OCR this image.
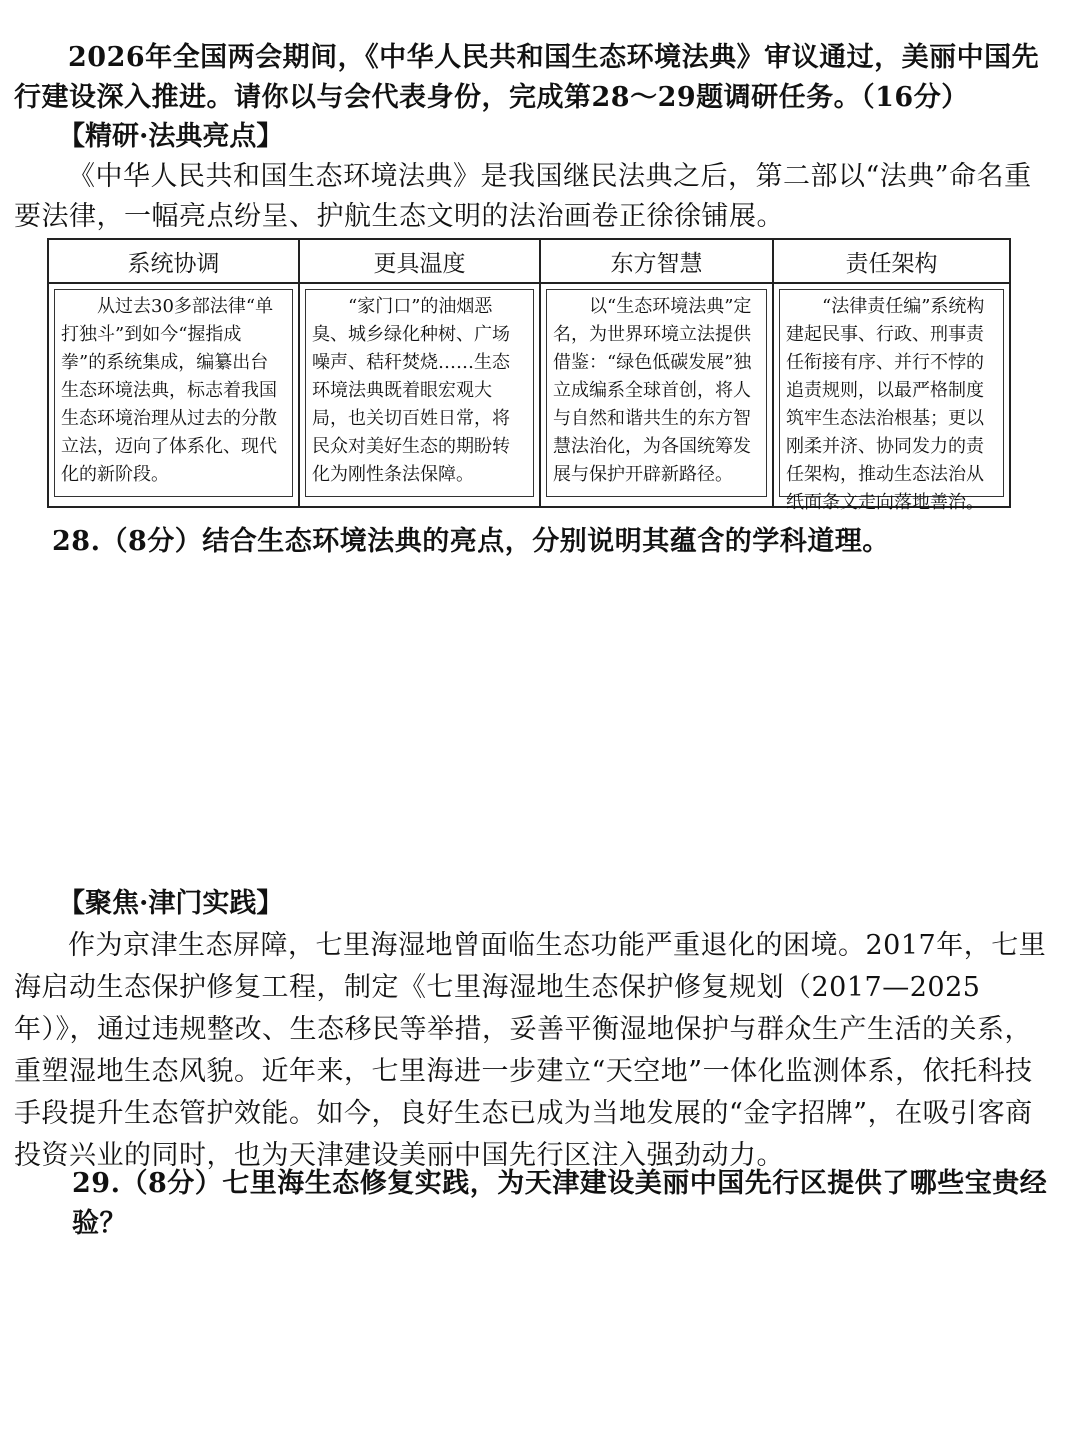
2026年全国两会期间，《中华人民共和国生态环境法典》审议通过，美丽中国先行建设深入推进。请你以与会代表身份，完成第28～29题调研任务。（16分）

【精研·法典亮点】

《中华人民共和国生态环境法典》是我国继民法典之后，第二部以“法典”命名重要法律，一幅亮点纷呈、护航生态文明的法治画卷正徐徐铺展。

系统协调	更具温度	东方智慧	责任架构

从过去30多部法律“单打独斗”到如今“握指成拳”的系统集成，编纂出台生态环境法典，标志着我国生态环境治理从过去的分散立法，迈向了体系化、现代化的新阶段。	“家门口”的油烟恶臭、城乡绿化种树、广场噪声、秸秆焚烧……生态环境法典既着眼宏观大局，也关切百姓日常，将民众对美好生态的期盼转化为刚性条法保障。	以“生态环境法典”定名，为世界环境立法提供借鉴：“绿色低碳发展”独立成编系全球首创，将人与自然和谐共生的东方智慧法治化，为各国统筹发展与保护开辟新路径。	“法律责任编”系统构建起民事、行政、刑事责任衔接有序、并行不悖的追责规则，以最严格制度筑牢生态法治根基；更以刚柔并济、协同发力的责任架构，推动生态法治从纸面条文走向落地善治。

28.（8分）结合生态环境法典的亮点，分别说明其蕴含的学科道理。

【聚焦·津门实践】

作为京津生态屏障，七里海湿地曾面临生态功能严重退化的困境。2017年，七里海启动生态保护修复工程，制定《七里海湿地生态保护修复规划（2017—2025年）》，通过违规整改、生态移民等举措，妥善平衡湿地保护与群众生产生活的关系，重塑湿地生态风貌。近年来，七里海进一步建立“天空地”一体化监测体系，依托科技手段提升生态管护效能。如今，良好生态已成为当地发展的“金字招牌”，在吸引客商投资兴业的同时，也为天津建设美丽中国先行区注入强劲动力。

29.（8分）七里海生态修复实践，为天津建设美丽中国先行区提供了哪些宝贵经验？
